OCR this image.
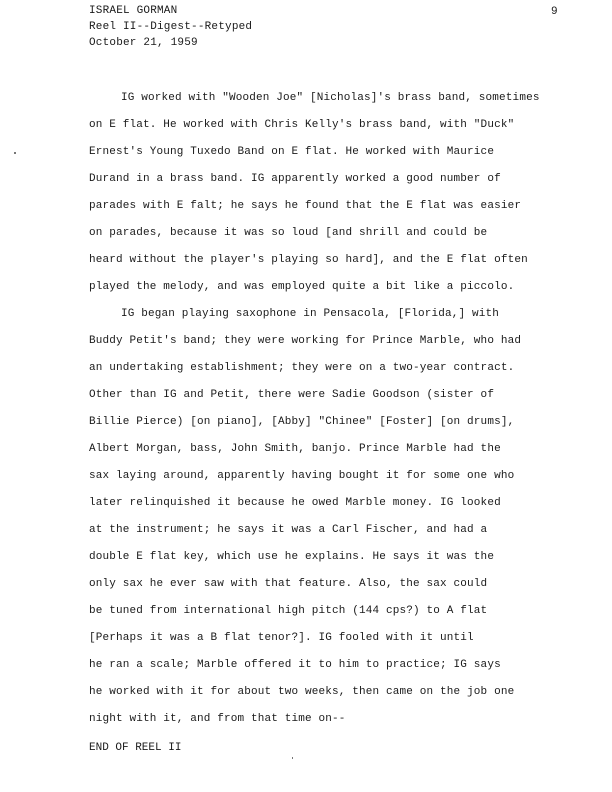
ISRAEL GORMAN
Reel II--Digest--Retyped
October 21, 1959
9
IG worked with "Wooden Joe" [Nicholas]'s brass band, sometimes
on E flat. He worked with Chris Kelly's brass band, with "Duck"
Ernest's Young Tuxedo Band on E flat. He worked with Maurice
Durand in a brass band. IG apparently worked a good number of
parades with E falt; he says he found that the E flat was easier
on parades, because it was so loud [and shrill and could be
heard without the player's playing so hard], and the E flat often
played the melody, and was employed quite a bit like a piccolo.
IG began playing saxophone in Pensacola, [Florida,] with
Buddy Petit's band; they were working for Prince Marble, who had
an undertaking establishment; they were on a two-year contract.
Other than IG and Petit, there were Sadie Goodson (sister of
Billie Pierce) [on piano], [Abby] "Chinee" [Foster] [on drums],
Albert Morgan, bass, John Smith, banjo. Prince Marble had the
sax laying around, apparently having bought it for some one who
later relinquished it because he owed Marble money. IG looked
at the instrument; he says it was a Carl Fischer, and had a
double E flat key, which use he explains. He says it was the
only sax he ever saw with that feature. Also, the sax could
be tuned from international high pitch (144 cps?) to A flat
[Perhaps it was a B flat tenor?]. IG fooled with it until
he ran a scale; Marble offered it to him to practice; IG says
he worked with it for about two weeks, then came on the job one
night with it, and from that time on--
END OF REEL II
